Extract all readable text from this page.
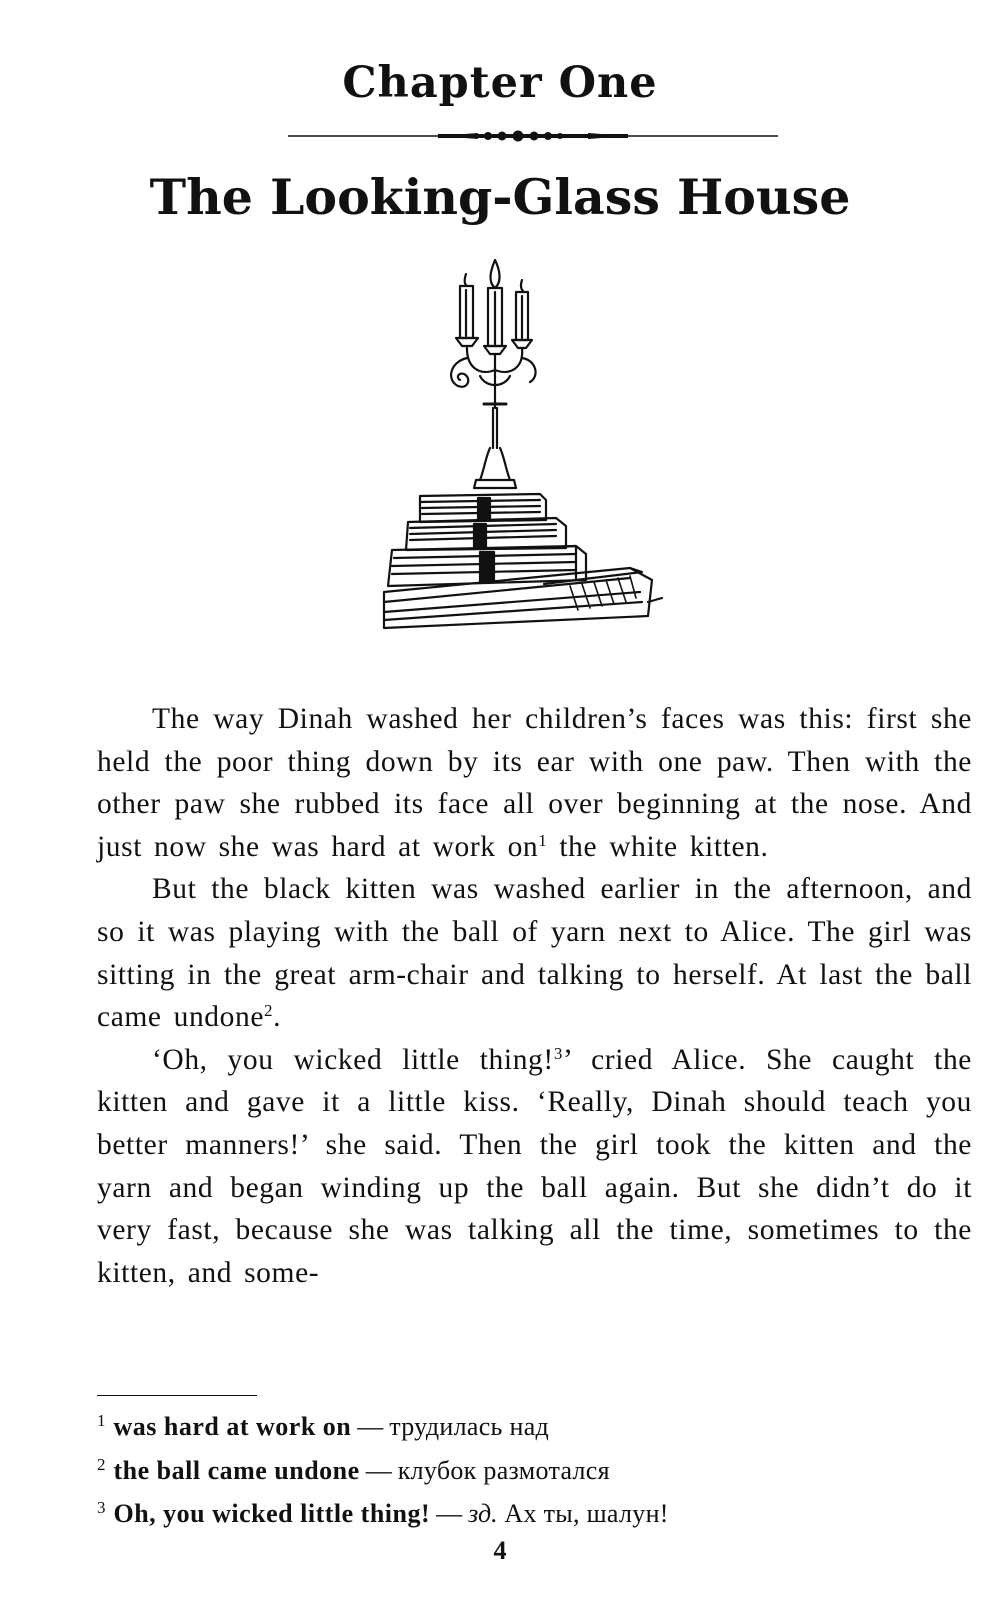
Chapter One
The Looking-Glass House

The way Dinah washed her children’s faces was this: first she held the poor thing down by its ear with one paw. Then with the other paw she rubbed its face all over beginning at the nose. And just now she was hard at work $on^1$ the white kitten.

But the black kitten was washed earlier in the afternoon, and so it was playing with the ball of yarn next to Alice. The girl was sitting in the great arm-chair and talking to herself. At last the ball came undone$^2$.

‘Oh, you wicked little thing!$^3$’ cried Alice. She caught the kitten and gave it a little kiss. ‘Really, Dinah should teach you better manners!’ she said. Then the girl took the kitten and the yarn and began winding up the ball again. But she didn’t do it very fast, because she was talking all the time, sometimes to the kitten, and some-

$^1$ was hard at work on — трудилась над
$^2$ the ball came undone — клубок размотался
$^3$ Oh, you wicked little thing! — зд. Ах ты, шалун!
4
